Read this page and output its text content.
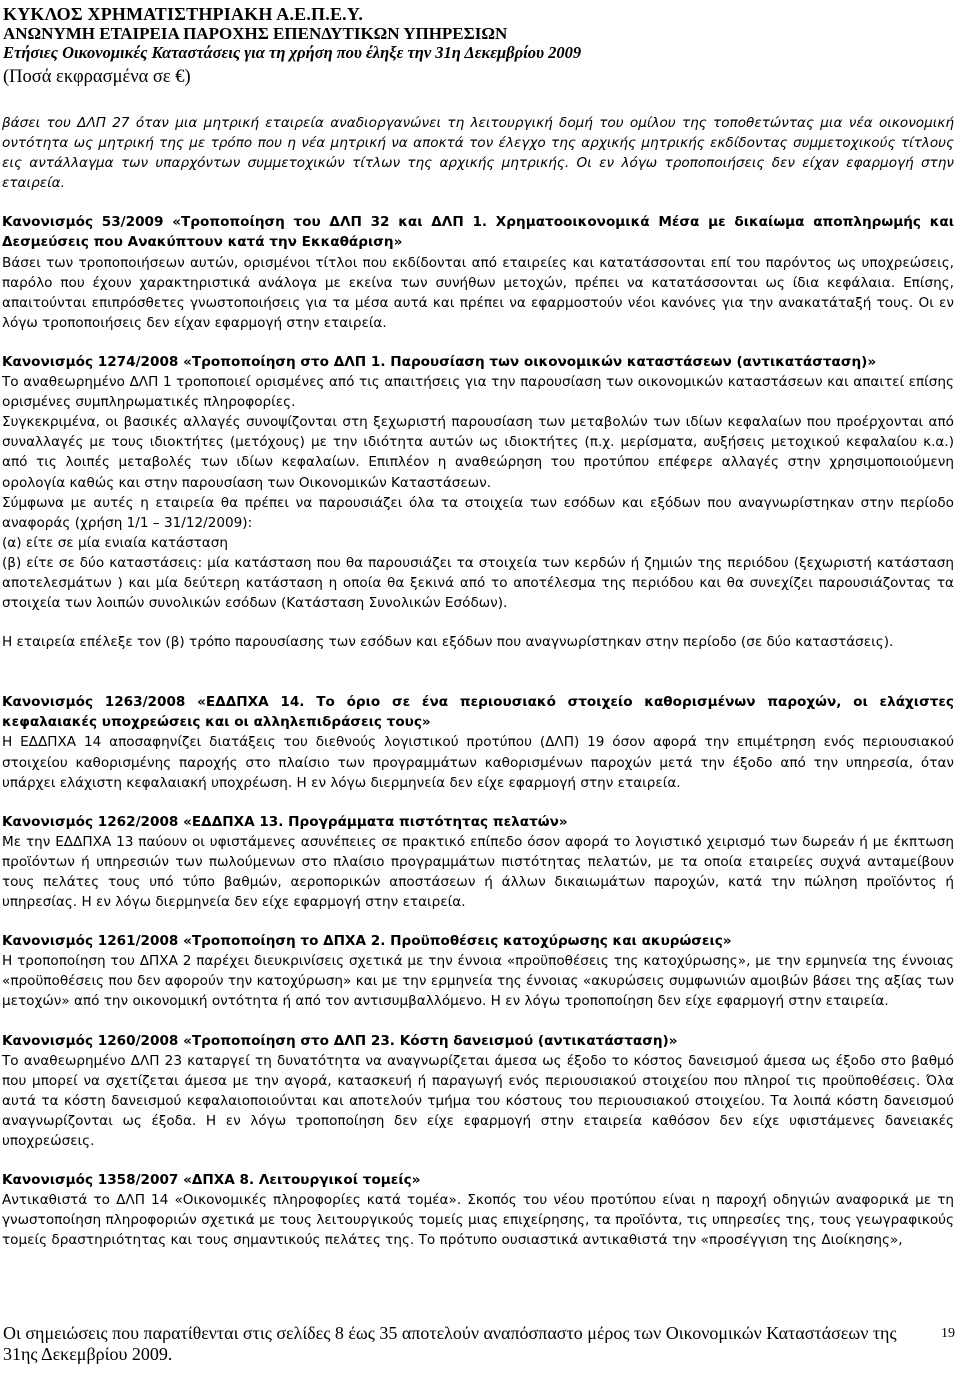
ΚΥΚΛΟΣ ΧΡΗΜΑΤΙΣΤΗΡΙΑΚΗ Α.Ε.Π.Ε.Υ.
ΑΝΩΝΥΜΗ ΕΤΑΙΡΕΙΑ ΠΑΡΟΧΗΣ ΕΠΕΝΔΥΤΙΚΩΝ ΥΠΗΡΕΣΙΩΝ
Ετήσιες Οικονομικές Καταστάσεις για τη χρήση που έληξε την 31η Δεκεμβρίου 2009
(Ποσά εκφρασμένα σε €)

βάσει του ΔΛΠ 27 όταν μια μητρική εταιρεία αναδιοργανώνει τη λειτουργική δομή του ομίλου της τοποθετώντας μια νέα οικονομική οντότητα ως μητρική της με τρόπο που η νέα μητρική να αποκτά τον έλεγχο της αρχικής μητρικής εκδίδοντας συμμετοχικούς τίτλους εις αντάλλαγμα των υπαρχόντων συμμετοχικών τίτλων της αρχικής μητρικής. Οι εν λόγω τροποποιήσεις δεν είχαν εφαρμογή στην εταιρεία.

Κανονισμός 53/2009 «Τροποποίηση του ΔΛΠ 32 και ΔΛΠ 1. Χρηματοοικονομικά Μέσα με δικαίωμα αποπληρωμής και Δεσμεύσεις που Ανακύπτουν κατά την Εκκαθάριση»

Βάσει των τροποποιήσεων αυτών, ορισμένοι τίτλοι που εκδίδονται από εταιρείες και κατατάσσονται επί του παρόντος ως υποχρεώσεις, παρόλο που έχουν χαρακτηριστικά ανάλογα με εκείνα των συνήθων μετοχών, πρέπει να κατατάσσονται ως ίδια κεφάλαια. Επίσης, απαιτούνται επιπρόσθετες γνωστοποιήσεις για τα μέσα αυτά και πρέπει να εφαρμοστούν νέοι κανόνες για την ανακατάταξή τους. Οι εν λόγω τροποποιήσεις δεν είχαν εφαρμογή στην εταιρεία.

Κανονισμός 1274/2008 «Τροποποίηση στο ΔΛΠ 1. Παρουσίαση των οικονομικών καταστάσεων (αντικατάσταση)»

Το αναθεωρημένο ΔΛΠ 1 τροποποιεί ορισμένες από τις απαιτήσεις για την παρουσίαση των οικονομικών καταστάσεων και απαιτεί επίσης ορισμένες συμπληρωματικές πληροφορίες.

Συγκεκριμένα, οι βασικές αλλαγές συνοψίζονται στη ξεχωριστή παρουσίαση των μεταβολών των ιδίων κεφαλαίων που προέρχονται από συναλλαγές με τους ιδιοκτήτες (μετόχους) με την ιδιότητα αυτών ως ιδιοκτήτες (π.χ. μερίσματα, αυξήσεις μετοχικού κεφαλαίου κ.α.) από τις λοιπές μεταβολές των ιδίων κεφαλαίων. Επιπλέον η αναθεώρηση του προτύπου επέφερε αλλαγές στην χρησιμοποιούμενη ορολογία καθώς και στην παρουσίαση των Οικονομικών Καταστάσεων.

Σύμφωνα με αυτές η εταιρεία θα πρέπει να παρουσιάζει όλα τα στοιχεία των εσόδων και εξόδων που αναγνωρίστηκαν στην περίοδο αναφοράς (χρήση 1/1 – 31/12/2009):

(α) είτε σε μία ενιαία κατάσταση

(β) είτε σε δύο καταστάσεις: μία κατάσταση που θα παρουσιάζει τα στοιχεία των κερδών ή ζημιών της περιόδου (ξεχωριστή κατάσταση αποτελεσμάτων ) και μία δεύτερη κατάσταση η οποία θα ξεκινά από το αποτέλεσμα της περιόδου και θα συνεχίζει παρουσιάζοντας τα στοιχεία των λοιπών συνολικών εσόδων (Κατάσταση Συνολικών Εσόδων).

Η εταιρεία επέλεξε τον (β) τρόπο παρουσίασης των εσόδων και εξόδων που αναγνωρίστηκαν στην περίοδο (σε δύο καταστάσεις).

Κανονισμός 1263/2008 «ΕΔΔΠΧΑ 14. Το όριο σε ένα περιουσιακό στοιχείο καθορισμένων παροχών, οι ελάχιστες κεφαλαιακές υποχρεώσεις και οι αλληλεπιδράσεις τους»

Η ΕΔΔΠΧΑ 14 αποσαφηνίζει διατάξεις του διεθνούς λογιστικού προτύπου (ΔΛΠ) 19 όσον αφορά την επιμέτρηση ενός περιουσιακού στοιχείου καθορισμένης παροχής στο πλαίσιο των προγραμμάτων καθορισμένων παροχών μετά την έξοδο από την υπηρεσία, όταν υπάρχει ελάχιστη κεφαλαιακή υποχρέωση. Η εν λόγω διερμηνεία δεν είχε εφαρμογή στην εταιρεία.

Κανονισμός 1262/2008 «ΕΔΔΠΧΑ 13. Προγράμματα πιστότητας πελατών»

Με την ΕΔΔΠΧΑ 13 παύουν οι υφιστάμενες ασυνέπειες σε πρακτικό επίπεδο όσον αφορά το λογιστικό χειρισμό των δωρεάν ή με έκπτωση προϊόντων ή υπηρεσιών των πωλούμενων στο πλαίσιο προγραμμάτων πιστότητας πελατών, με τα οποία εταιρείες συχνά ανταμείβουν τους πελάτες τους υπό τύπο βαθμών, αεροπορικών αποστάσεων ή άλλων δικαιωμάτων παροχών, κατά την πώληση προϊόντος ή υπηρεσίας. Η εν λόγω διερμηνεία δεν είχε εφαρμογή στην εταιρεία.

Κανονισμός 1261/2008 «Τροποποίηση το ΔΠΧΑ 2. Προϋποθέσεις κατοχύρωσης και ακυρώσεις»

Η τροποποίηση του ΔΠΧΑ 2 παρέχει διευκρινίσεις σχετικά με την έννοια «προϋποθέσεις της κατοχύρωσης», με την ερμηνεία της έννοιας «προϋποθέσεις που δεν αφορούν την κατοχύρωση» και με την ερμηνεία της έννοιας «ακυρώσεις συμφωνιών αμοιβών βάσει της αξίας των μετοχών» από την οικονομική οντότητα ή από τον αντισυμβαλλόμενο. Η εν λόγω τροποποίηση δεν είχε εφαρμογή στην εταιρεία.

Κανονισμός 1260/2008 «Τροποποίηση στο ΔΛΠ 23. Κόστη δανεισμού (αντικατάσταση)»

Το αναθεωρημένο ΔΛΠ 23 καταργεί τη δυνατότητα να αναγνωρίζεται άμεσα ως έξοδο το κόστος δανεισμού άμεσα ως έξοδο στο βαθμό που μπορεί να σχετίζεται άμεσα με την αγορά, κατασκευή ή παραγωγή ενός περιουσιακού στοιχείου που πληροί τις προϋποθέσεις. Όλα αυτά τα κόστη δανεισμού κεφαλαιοποιούνται και αποτελούν τμήμα του κόστους του περιουσιακού στοιχείου. Τα λοιπά κόστη δανεισμού αναγνωρίζονται ως έξοδα. Η εν λόγω τροποποίηση δεν είχε εφαρμογή στην εταιρεία καθόσον δεν είχε υφιστάμενες δανειακές υποχρεώσεις.

Κανονισμός 1358/2007 «ΔΠΧΑ 8. Λειτουργικοί τομείς»

Αντικαθιστά το ΔΛΠ 14 «Οικονομικές πληροφορίες κατά τομέα». Σκοπός του νέου προτύπου είναι η παροχή οδηγιών αναφορικά με τη γνωστοποίηση πληροφοριών σχετικά με τους λειτουργικούς τομείς μιας επιχείρησης, τα προϊόντα, τις υπηρεσίες της, τους γεωγραφικούς τομείς δραστηριότητας και τους σημαντικούς πελάτες της. Το πρότυπο ουσιαστικά αντικαθιστά την «προσέγγιση της Διοίκησης»,

Οι σημειώσεις που παρατίθενται στις σελίδες 8 έως 35 αποτελούν αναπόσπαστο μέρος των Οικονομικών Καταστάσεων της 31ης Δεκεμβρίου 2009.
19
